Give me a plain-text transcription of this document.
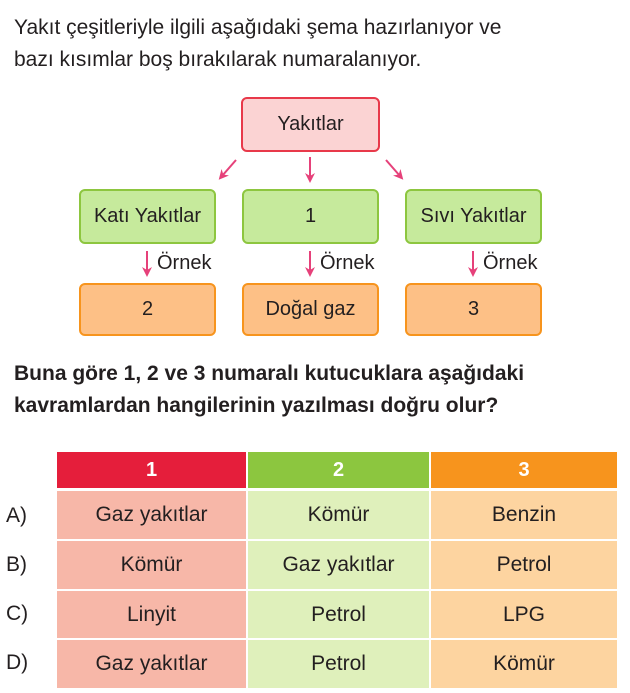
Yakıt çeşitleriyle ilgili aşağıdaki şema hazırlanıyor ve
bazı kısımlar boş bırakılarak numaralanıyor.
Yakıtlar
Katı Yakıtlar	1	Sıvı Yakıtlar
Örnek	Örnek	Örnek
2	Doğal gaz	3
Buna göre 1, 2 ve 3 numaralı kutucuklara aşağıdaki
kavramlardan hangilerinin yazılması doğru olur?
1	2	3
A)	Gaz yakıtlar	Kömür	Benzin
B)	Kömür	Gaz yakıtlar	Petrol
C)	Linyit	Petrol	LPG
D)	Gaz yakıtlar	Petrol	Kömür
